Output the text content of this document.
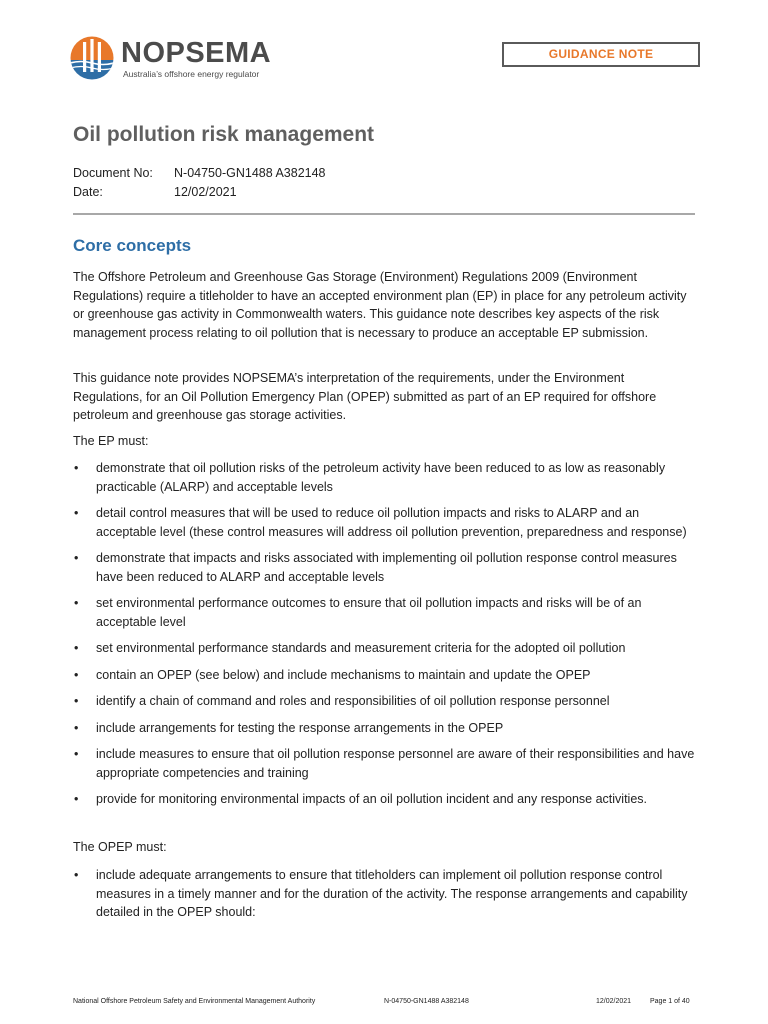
NOPSEMA
Australia’s offshore energy regulator
GUIDANCE NOTE
Oil pollution risk management
Document No: N-04750-GN1488 A382148
Date:	12/02/2021
Core concepts

The Offshore Petroleum and Greenhouse Gas Storage (Environment) Regulations 2009 (Environment Regulations) require a titleholder to have an accepted environment plan (EP) in place for any petroleum activity or greenhouse gas activity in Commonwealth waters. This guidance note describes key aspects of the risk management process relating to oil pollution that is necessary to produce an acceptable EP submission.

This guidance note provides NOPSEMA’s interpretation of the requirements, under the Environment Regulations, for an Oil Pollution Emergency Plan (OPEP) submitted as part of an EP required for offshore petroleum and greenhouse gas storage activities.

The EP must:

• demonstrate that oil pollution risks of the petroleum activity have been reduced to as low as reasonably practicable (ALARP) and acceptable levels
• detail control measures that will be used to reduce oil pollution impacts and risks to ALARP and an acceptable level (these control measures will address oil pollution prevention, preparedness and response)
• demonstrate that impacts and risks associated with implementing oil pollution response control measures have been reduced to ALARP and acceptable levels
• set environmental performance outcomes to ensure that oil pollution impacts and risks will be of an acceptable level
• set environmental performance standards and measurement criteria for the adopted oil pollution
• contain an OPEP (see below) and include mechanisms to maintain and update the OPEP
• identify a chain of command and roles and responsibilities of oil pollution response personnel
• include arrangements for testing the response arrangements in the OPEP
• include measures to ensure that oil pollution response personnel are aware of their responsibilities and have appropriate competencies and training
• provide for monitoring environmental impacts of an oil pollution incident and any response activities.

The OPEP must:

• include adequate arrangements to ensure that titleholders can implement oil pollution response control measures in a timely manner and for the duration of the activity. The response arrangements and capability detailed in the OPEP should:
National Offshore Petroleum Safety and Environmental Management Authority	N-04750-GN1488 A382148	12/02/2021	Page 1 of 40
